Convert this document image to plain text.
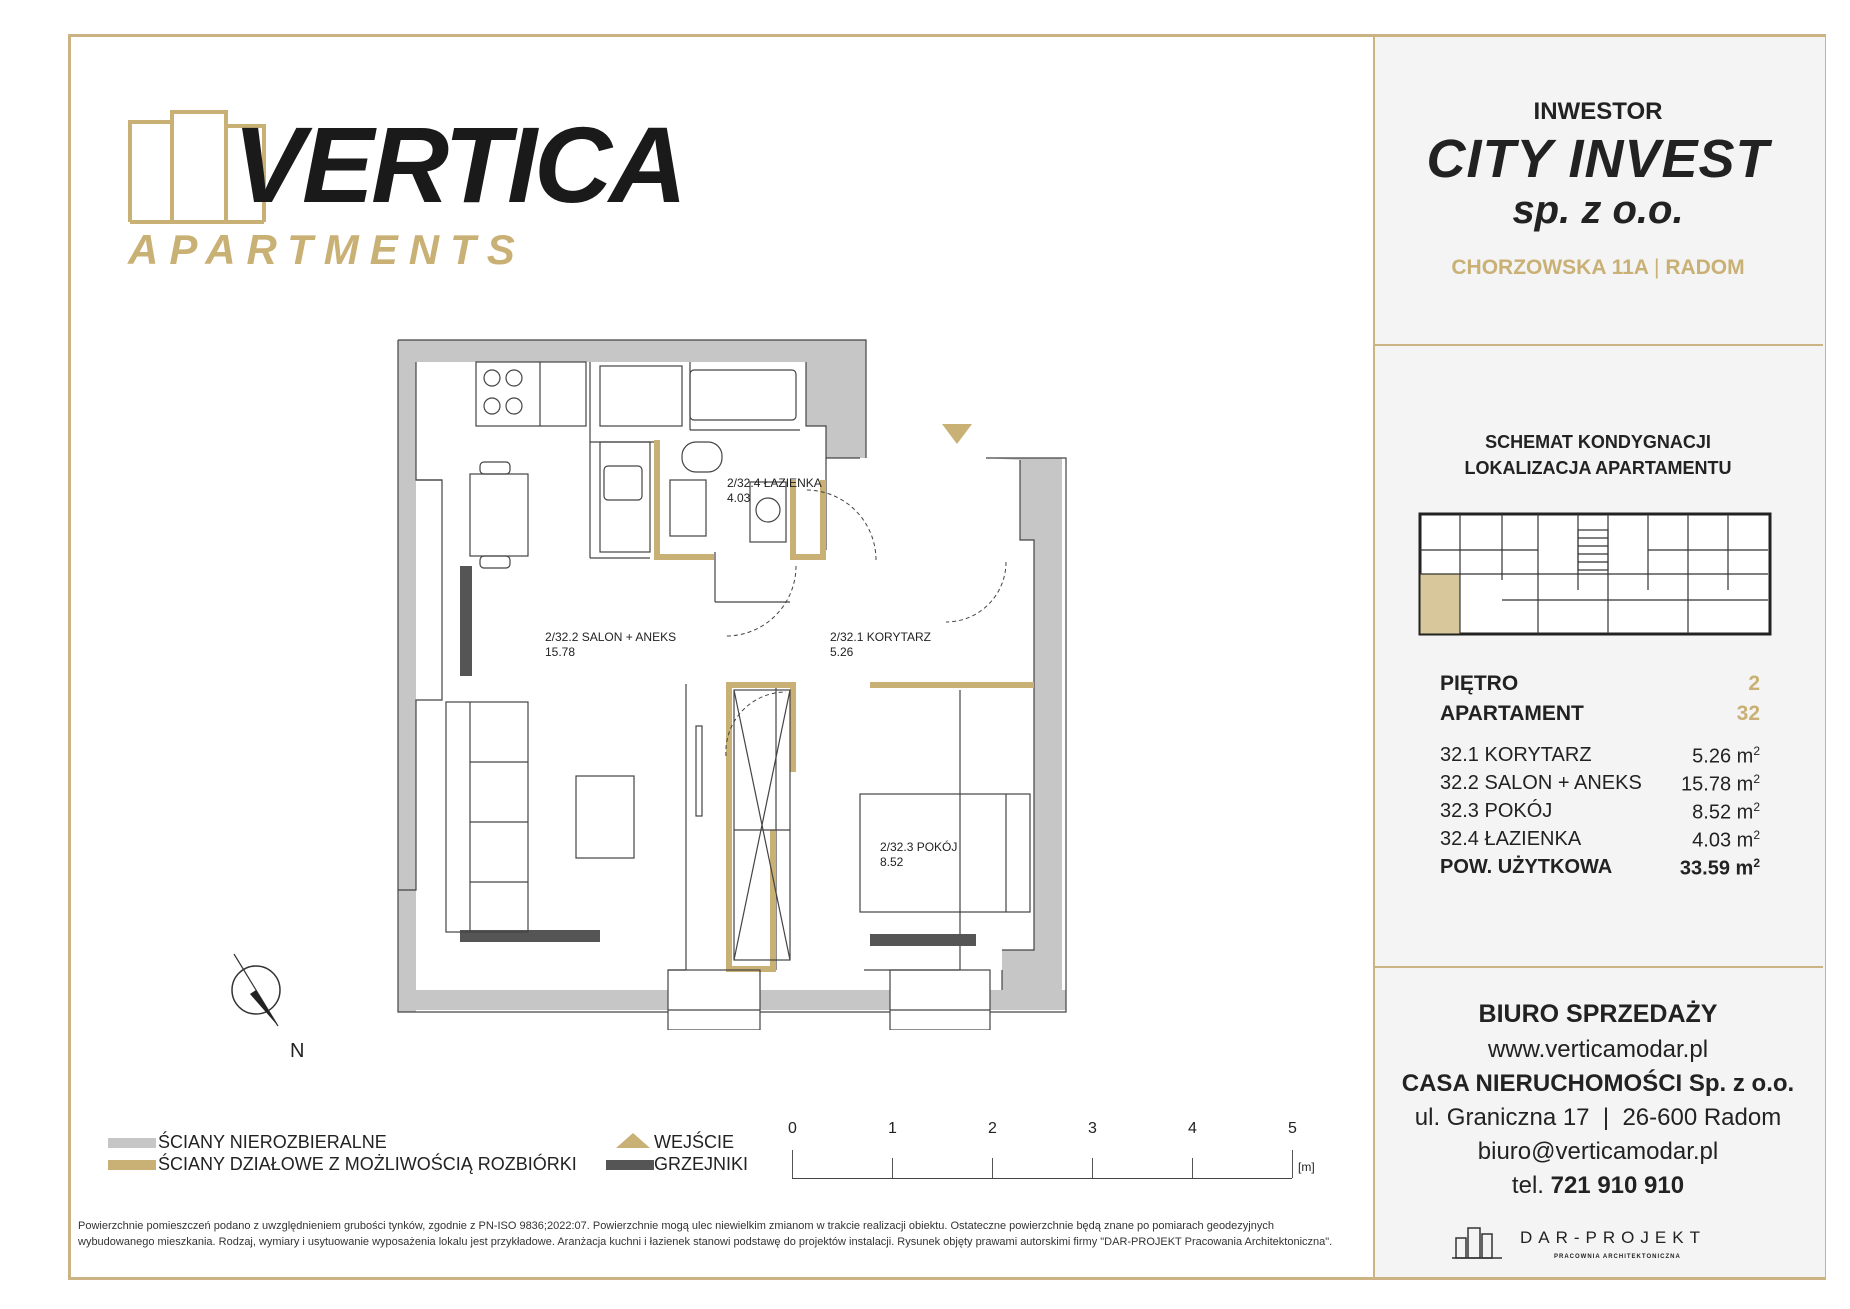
VERTICA
APARTMENTS
INWESTOR
CITY INVEST
sp. z o.o.
CHORZOWSKA 11A | RADOM
SCHEMAT KONDYGNACJI
LOKALIZACJA APARTAMENTU
PIĘTRO	2
APARTAMENT	32
32.1 KORYTARZ	5.26 $m^2$
32.2 SALON + ANEKS 15.78 $m^2$
32.3 POKÓJ	8.52 $m^2$
32.4 ŁAZIENKA	4.03 $m^2$
POW. UŻYTKOWA	33.59 $m^2$
BIURO SPRZEDAŻY
www.verticamodar.pl
CASA NIERUCHOMOŚCI Sp. z o.o.
ul. Graniczna 17 | 26-600 Radom
biuro@verticamodar.pl
tel. 721 910 910
DAR-PROJEKT
PRACOWNIA ARCHITEKTONICZNA
2/32.4 ŁAZIENKA
4.03
2/32.2 SALON + ANEKS
15.78
2/32.1 KORYTARZ
5.26
2/32.3 POKÓJ
8.52
N
ŚCIANY NIEROZBIERALNE
ŚCIANY DZIAŁOWE Z MOŻLIWOŚCIĄ ROZBIÓRKI
WEJŚCIE
GRZEJNIKI
0	1	2	3	4	5
[m]
Powierzchnie pomieszczeń podano z uwzględnieniem grubości tynków, zgodnie z PN-ISO 9836;2022:07. Powierzchnie mogą ulec niewielkim zmianom w trakcie realizacji obiektu. Ostateczne powierzchnie będą znane po pomiarach geodezyjnych wybudowanego mieszkania. Rodzaj, wymiary i usytuowanie wyposażenia lokalu jest przykładowe. Aranżacja kuchni i łazienek stanowi podstawę do projektów instalacji. Rysunek objęty prawami autorskimi firmy "DAR-PROJEKT Pracowania Architektoniczna".
